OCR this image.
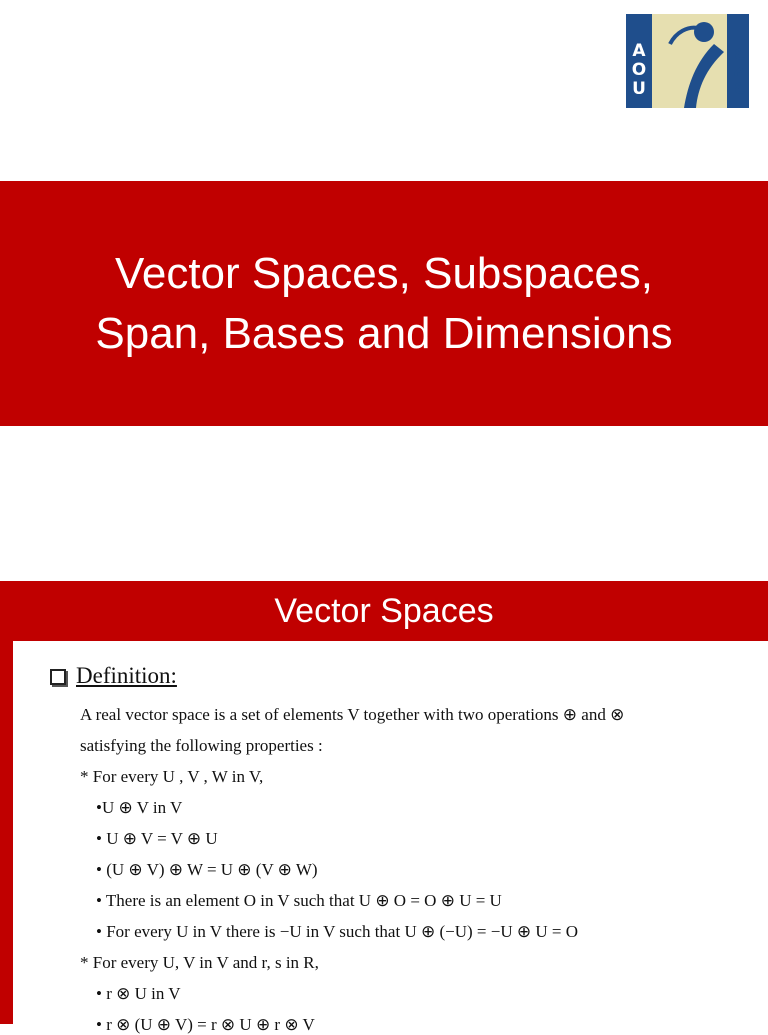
A
O
U
ع
م
ع
Vector Spaces, Subspaces,
Span, Bases and Dimensions
Vector Spaces
Definition:
A real vector space is a set of elements V together with two operations ⊕ and ⊗
satisfying the following properties :
* For every U , V , W in V,
•U ⊕ V in V
• U ⊕ V = V ⊕ U
• (U ⊕ V) ⊕ W = U ⊕ (V ⊕ W)
• There is an element O in V such that U ⊕ O = O ⊕ U = U
• For every U in V there is −U in V such that U ⊕ (−U) = −U ⊕ U = O
* For every U, V in V and r, s in R,
• r ⊗ U in V
• r ⊗ (U ⊕ V) = r ⊗ U ⊕ r ⊗ V
